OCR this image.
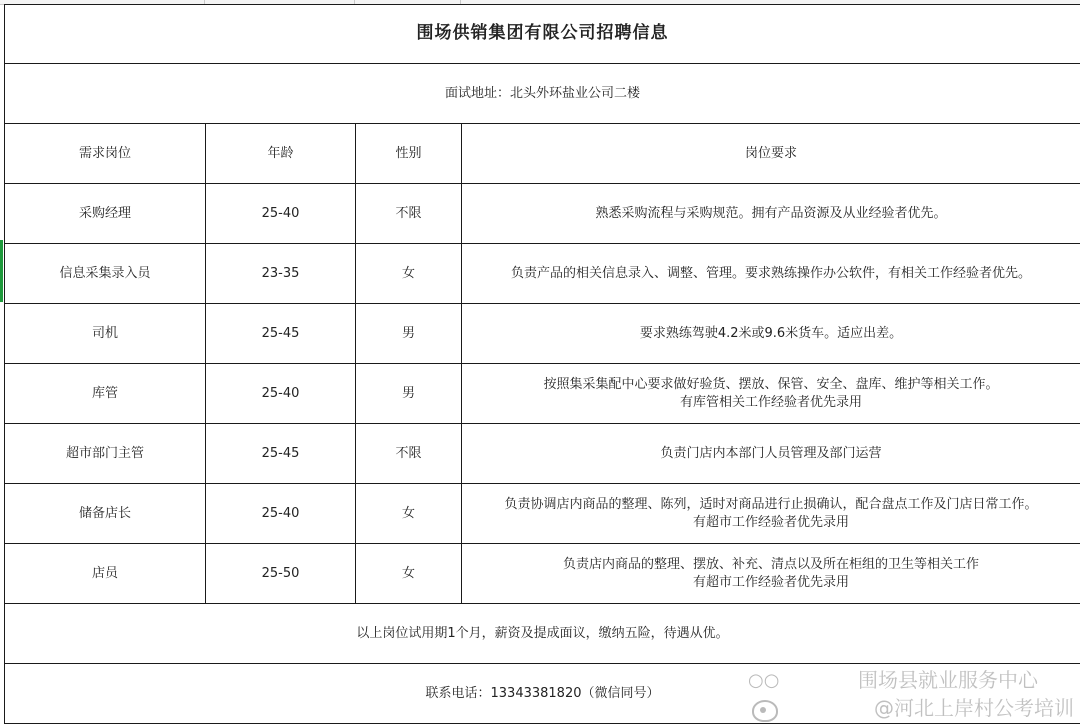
围场供销集团有限公司招聘信息			
面试地址：北头外环盐业公司二楼			
需求岗位	年龄	性别	岗位要求
采购经理	25-40	不限	熟悉采购流程与采购规范。拥有产品资源及从业经验者优先。
信息采集录入员	23-35	女	负责产品的相关信息录入、调整、管理。要求熟练操作办公软件，有相关工作经验者优先。
司机	25-45	男	要求熟练驾驶4.2米或9.6米货车。适应出差。
库管	25-40	男	按照集采集配中心要求做好验货、摆放、保管、安全、盘库、维护等相关工作。
有库管相关工作经验者优先录用

超市部门主管	25-45	不限	负责门店内本部门人员管理及部门运营
储备店长	25-40	女	负责协调店内商品的整理、陈列，适时对商品进行止损确认，配合盘点工作及门店日常工作。
有超市工作经验者优先录用

店员	25-50	女	负责店内商品的整理、摆放、补充、清点以及所在柜组的卫生等相关工作
有超市工作经验者优先录用

以上岗位试用期1个月，薪资及提成面议，缴纳五险，待遇从优。			
联系电话：13343381820（微信同号）			
○○	围场县就业服务中心
@河北上岸村公考培训
